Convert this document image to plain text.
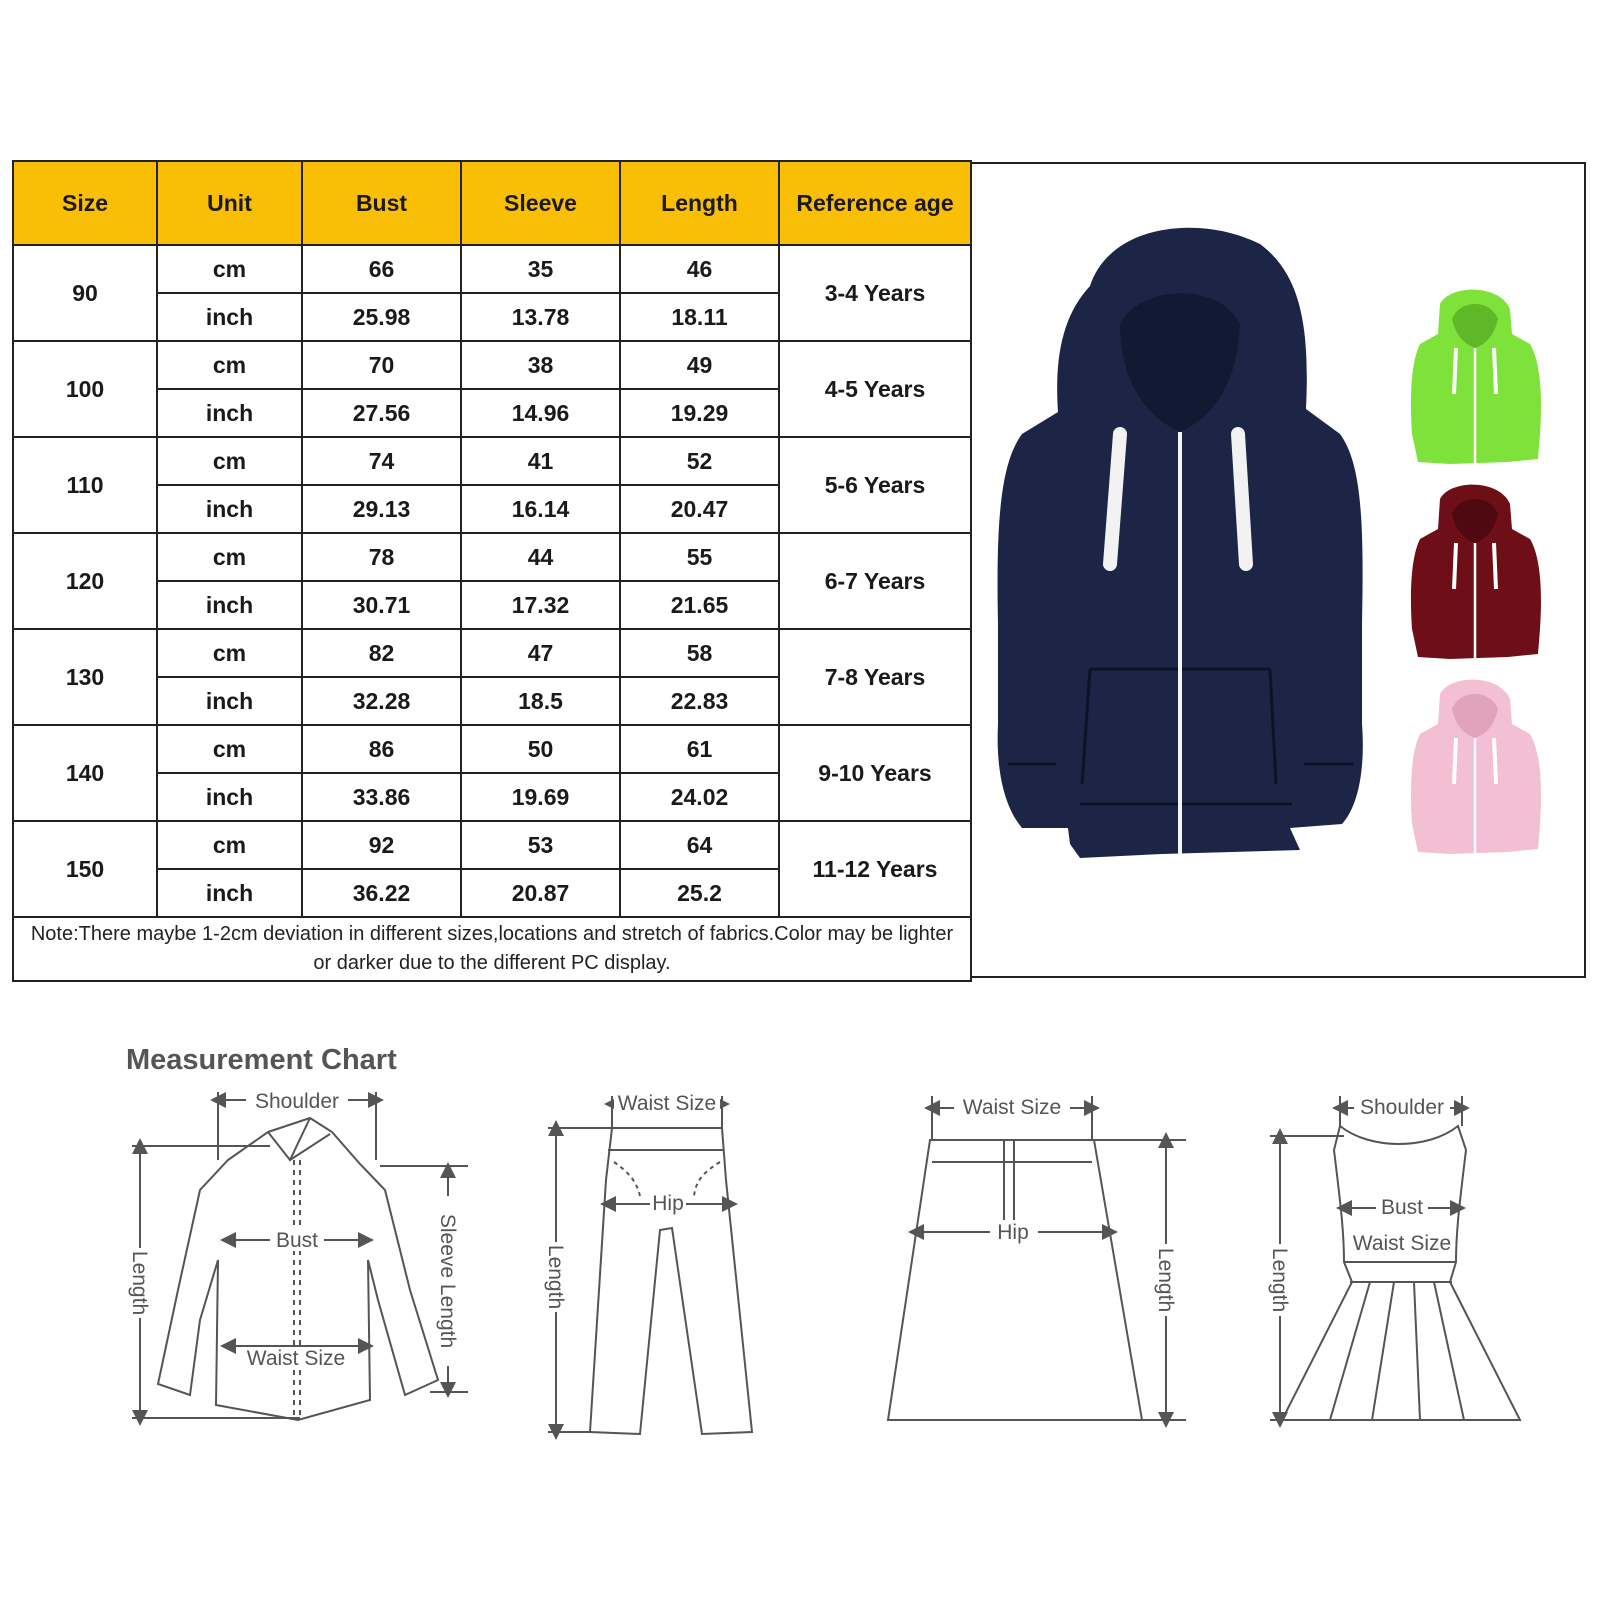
Size	Unit	Bust	Sleeve	Length	Reference age
90	cm	66	35	46	3-4 Years
	inch	25.98	13.78	18.11	
100	cm	70	38	49	4-5 Years
	inch	27.56	14.96	19.29	
110	cm	74	41	52	5-6 Years
	inch	29.13	16.14	20.47	
120	cm	78	44	55	6-7 Years
	inch	30.71	17.32	21.65	
130	cm	82	47	58	7-8 Years
	inch	32.28	18.5	22.83	
140	cm	86	50	61	9-10 Years
	inch	33.86	19.69	24.02	
150	cm	92	53	64	11-12 Years
	inch	36.22	20.87	25.2	
Note:There maybe 1-2cm deviation in different sizes,locations and stretch of fabrics.Color may be lighter or darker due to the different PC display.					
Measurement Chart
Shoulder
Bust
Waist Size
Length	Sleeve Length
Waist Size
Hip
Length
Waist Size
Hip
Length
Shoulder
Bust
Waist Size
Length
